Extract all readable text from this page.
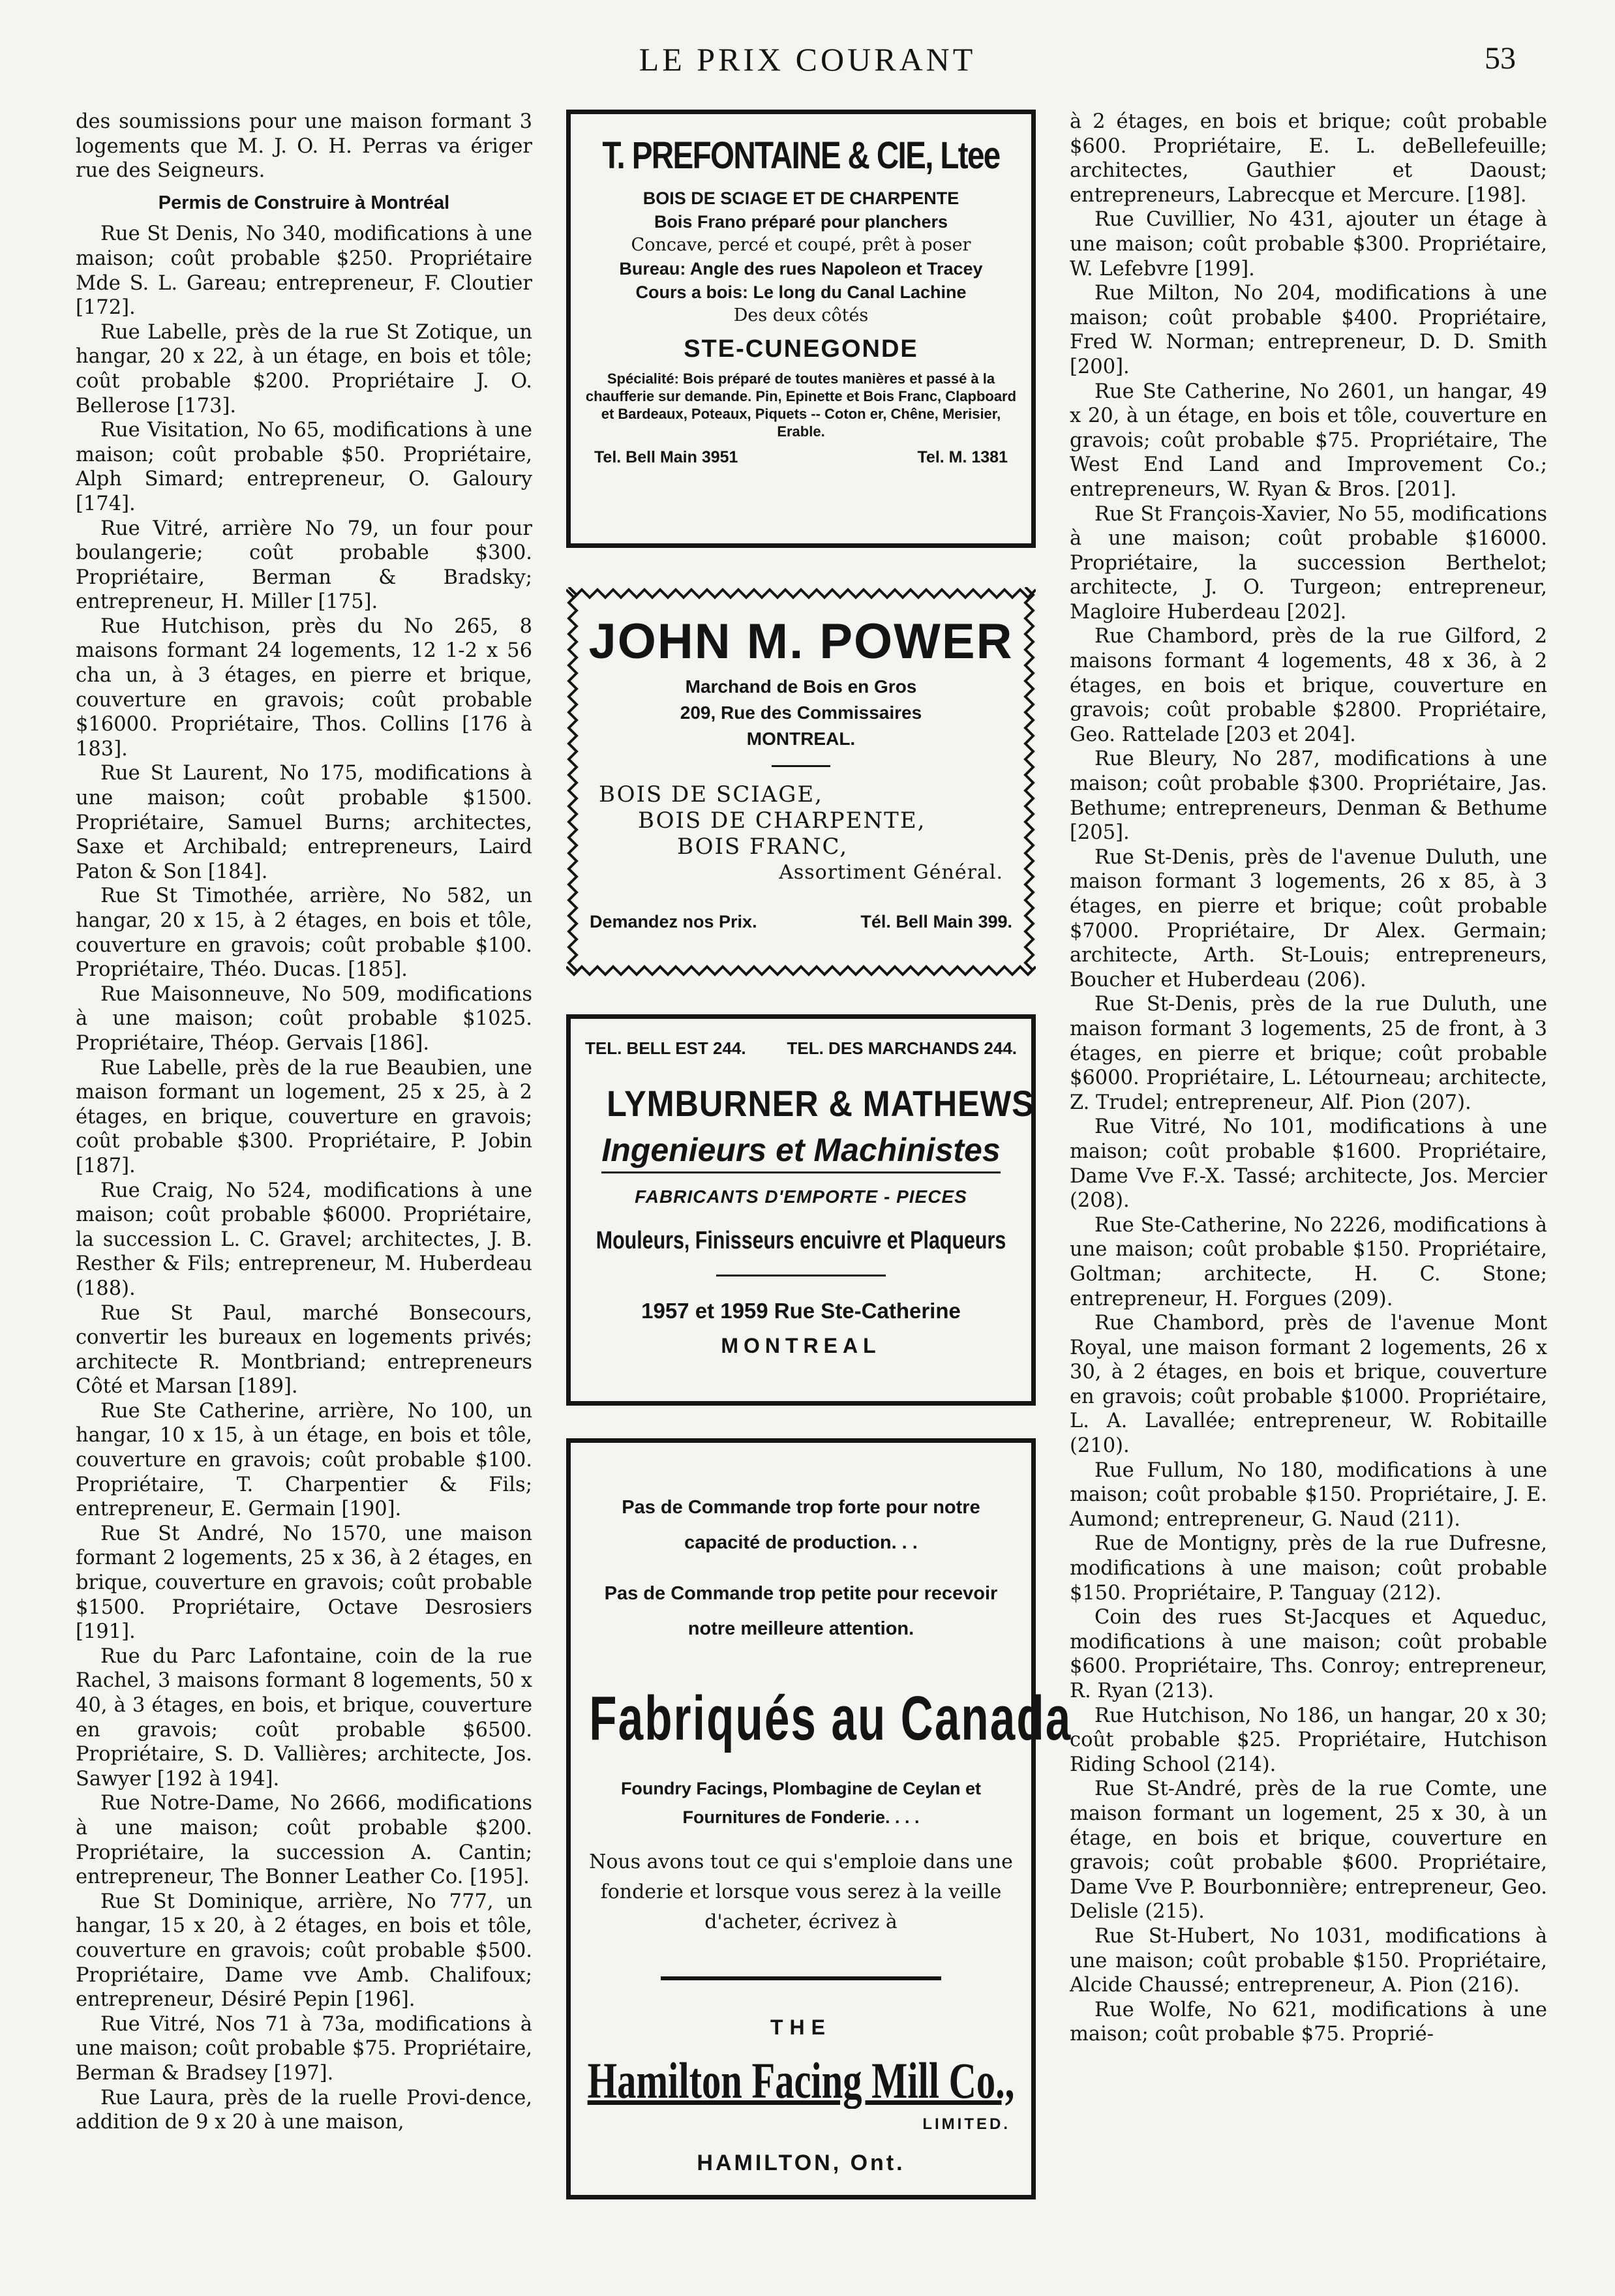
LE PRIX COURANT	53

des soumissions pour une maison formant 3 logements que M. J. O. H. Perras va ériger rue des Seigneurs.

Permis de Construire à Montréal

Rue St Denis, No 340, modifications à une maison; coût probable $250. Propriétaire Mde S. L. Gareau; entrepreneur, F. Cloutier [172].

Rue Labelle, près de la rue St Zotique, un hangar, 20 x 22, à un étage, en bois et tôle; coût probable $200. Propriétaire J. O. Bellerose [173].

Rue Visitation, No 65, modifications à une maison; coût probable $50. Propriétaire, Alph Simard; entrepreneur, O. Galoury [174].

Rue Vitré, arrière No 79, un four pour boulangerie; coût probable $300. Propriétaire, Berman & Bradsky; entrepreneur, H. Miller [175].

Rue Hutchison, près du No 265, 8 maisons formant 24 logements, 12 1-2 x 56 cha un, à 3 étages, en pierre et brique, couverture en gravois; coût probable $16000. Propriétaire, Thos. Collins [176 à 183].

Rue St Laurent, No 175, modifications à une maison; coût probable $1500. Propriétaire, Samuel Burns; architectes, Saxe et Archibald; entrepreneurs, Laird Paton & Son [184].

Rue St Timothée, arrière, No 582, un hangar, 20 x 15, à 2 étages, en bois et tôle, couverture en gravois; coût probable $100. Propriétaire, Théo. Ducas. [185].

Rue Maisonneuve, No 509, modifications à une maison; coût probable $1025. Propriétaire, Théop. Gervais [186].

Rue Labelle, près de la rue Beaubien, une maison formant un logement, 25 x 25, à 2 étages, en brique, couverture en gravois; coût probable $300. Propriétaire, P. Jobin [187].

Rue Craig, No 524, modifications à une maison; coût probable $6000. Propriétaire, la succession L. C. Gravel; architectes, J. B. Resther & Fils; entrepreneur, M. Huberdeau (188).

Rue St Paul, marché Bonsecours, convertir les bureaux en logements privés; architecte R. Montbriand; entrepreneurs Côté et Marsan [189].

Rue Ste Catherine, arrière, No 100, un hangar, 10 x 15, à un étage, en bois et tôle, couverture en gravois; coût probable $100. Propriétaire, T. Charpentier & Fils; entrepreneur, E. Germain [190].

Rue St André, No 1570, une maison formant 2 logements, 25 x 36, à 2 étages, en brique, couverture en gravois; coût probable $1500. Propriétaire, Octave Desrosiers [191].

Rue du Parc Lafontaine, coin de la rue Rachel, 3 maisons formant 8 logements, 50 x 40, à 3 étages, en bois, et brique, couverture en gravois; coût probable $6500. Propriétaire, S. D. Vallières; architecte, Jos. Sawyer [192 à 194].

Rue Notre-Dame, No 2666, modifications à une maison; coût probable $200. Propriétaire, la succession A. Cantin; entrepreneur, The Bonner Leather Co. [195].

Rue St Dominique, arrière, No 777, un hangar, 15 x 20, à 2 étages, en bois et tôle, couverture en gravois; coût probable $500. Propriétaire, Dame vve Amb. Chalifoux; entrepreneur, Désiré Pepin [196].

Rue Vitré, Nos 71 à 73a, modifications à une maison; coût probable $75. Propriétaire, Berman & Bradsey [197].

Rue Laura, près de la ruelle Provi-dence, addition de 9 x 20 à une maison,

T. PREFONTAINE & CIE, Ltee
BOIS DE SCIAGE ET DE CHARPENTE
Bois Frano préparé pour planchers
Concave, percé et coupé, prêt à poser
Bureau: Angle des rues Napoleon et Tracey
Cours a bois: Le long du Canal Lachine
Des deux côtés
STE-CUNEGONDE
Spécialité: Bois préparé de toutes manières et passé à la chaufferie sur demande. Pin, Epinette et Bois Franc, Clapboard et Bardeaux, Poteaux, Piquets -- Coton er, Chêne, Merisier, Erable.
Tel. Bell Main 3951	Tel. M. 1381
JOHN M. POWER
Marchand de Bois en Gros
209, Rue des Commissaires
MONTREAL.
BOIS DE SCIAGE,
BOIS DE CHARPENTE,
BOIS FRANC,
Assortiment Général.
Demandez nos Prix.	Tél. Bell Main 399.
TEL. BELL EST 244. TEL. DES MARCHANDS 244.
LYMBURNER & MATHEWS
Ingenieurs et Machinistes
FABRICANTS D'EMPORTE - PIECES
Mouleurs, Finisseurs encuivre et Plaqueurs
1957 et 1959 Rue Ste-Catherine
MONTREAL
Pas de Commande trop forte pour notre capacité de production. . .
Pas de Commande trop petite pour recevoir notre meilleure attention.
Fabriqués au Canada
Foundry Facings, Plombagine de Ceylan et Fournitures de Fonderie. . . .
Nous avons tout ce qui s'emploie dans une fonderie et lorsque vous serez à la veille d'acheter, écrivez à
THE
Hamilton Facing Mill Co.,
LIMITED.
HAMILTON, Ont.

à 2 étages, en bois et brique; coût probable $600. Propriétaire, E. L. deBellefeuille; architectes, Gauthier et Daoust; entrepreneurs, Labrecque et Mercure. [198].

Rue Cuvillier, No 431, ajouter un étage à une maison; coût probable $300. Propriétaire, W. Lefebvre [199].

Rue Milton, No 204, modifications à une maison; coût probable $400. Propriétaire, Fred W. Norman; entrepreneur, D. D. Smith [200].

Rue Ste Catherine, No 2601, un hangar, 49 x 20, à un étage, en bois et tôle, couverture en gravois; coût probable $75. Propriétaire, The West End Land and Improvement Co.; entrepreneurs, W. Ryan & Bros. [201].

Rue St François-Xavier, No 55, modifications à une maison; coût probable $16000. Propriétaire, la succession Berthelot; architecte, J. O. Turgeon; entrepreneur, Magloire Huberdeau [202].

Rue Chambord, près de la rue Gilford, 2 maisons formant 4 logements, 48 x 36, à 2 étages, en bois et brique, couverture en gravois; coût probable $2800. Propriétaire, Geo. Rattelade [203 et 204].

Rue Bleury, No 287, modifications à une maison; coût probable $300. Propriétaire, Jas. Bethume; entrepreneurs, Denman & Bethume [205].

Rue St-Denis, près de l'avenue Duluth, une maison formant 3 logements, 26 x 85, à 3 étages, en pierre et brique; coût probable $7000. Propriétaire, Dr Alex. Germain; architecte, Arth. St-Louis; entrepreneurs, Boucher et Huberdeau (206).

Rue St-Denis, près de la rue Duluth, une maison formant 3 logements, 25 de front, à 3 étages, en pierre et brique; coût probable $6000. Propriétaire, L. Létourneau; architecte, Z. Trudel; entrepreneur, Alf. Pion (207).

Rue Vitré, No 101, modifications à une maison; coût probable $1600. Propriétaire, Dame Vve F.-X. Tassé; architecte, Jos. Mercier (208).

Rue Ste-Catherine, No 2226, modifications à une maison; coût probable $150. Propriétaire, Goltman; architecte, H. C. Stone; entrepreneur, H. Forgues (209).

Rue Chambord, près de l'avenue Mont Royal, une maison formant 2 logements, 26 x 30, à 2 étages, en bois et brique, couverture en gravois; coût probable $1000. Propriétaire, L. A. Lavallée; entrepreneur, W. Robitaille (210).

Rue Fullum, No 180, modifications à une maison; coût probable $150. Propriétaire, J. E. Aumond; entrepreneur, G. Naud (211).

Rue de Montigny, près de la rue Dufresne, modifications à une maison; coût probable $150. Propriétaire, P. Tanguay (212).

Coin des rues St-Jacques et Aqueduc, modifications à une maison; coût probable $600. Propriétaire, Ths. Conroy; entrepreneur, R. Ryan (213).

Rue Hutchison, No 186, un hangar, 20 x 30; coût probable $25. Propriétaire, Hutchison Riding School (214).

Rue St-André, près de la rue Comte, une maison formant un logement, 25 x 30, à un étage, en bois et brique, couverture en gravois; coût probable $600. Propriétaire, Dame Vve P. Bourbonnière; entrepreneur, Geo. Delisle (215).

Rue St-Hubert, No 1031, modifications à une maison; coût probable $150. Propriétaire, Alcide Chaussé; entrepreneur, A. Pion (216).

Rue Wolfe, No 621, modifications à une maison; coût probable $75. Proprié-
